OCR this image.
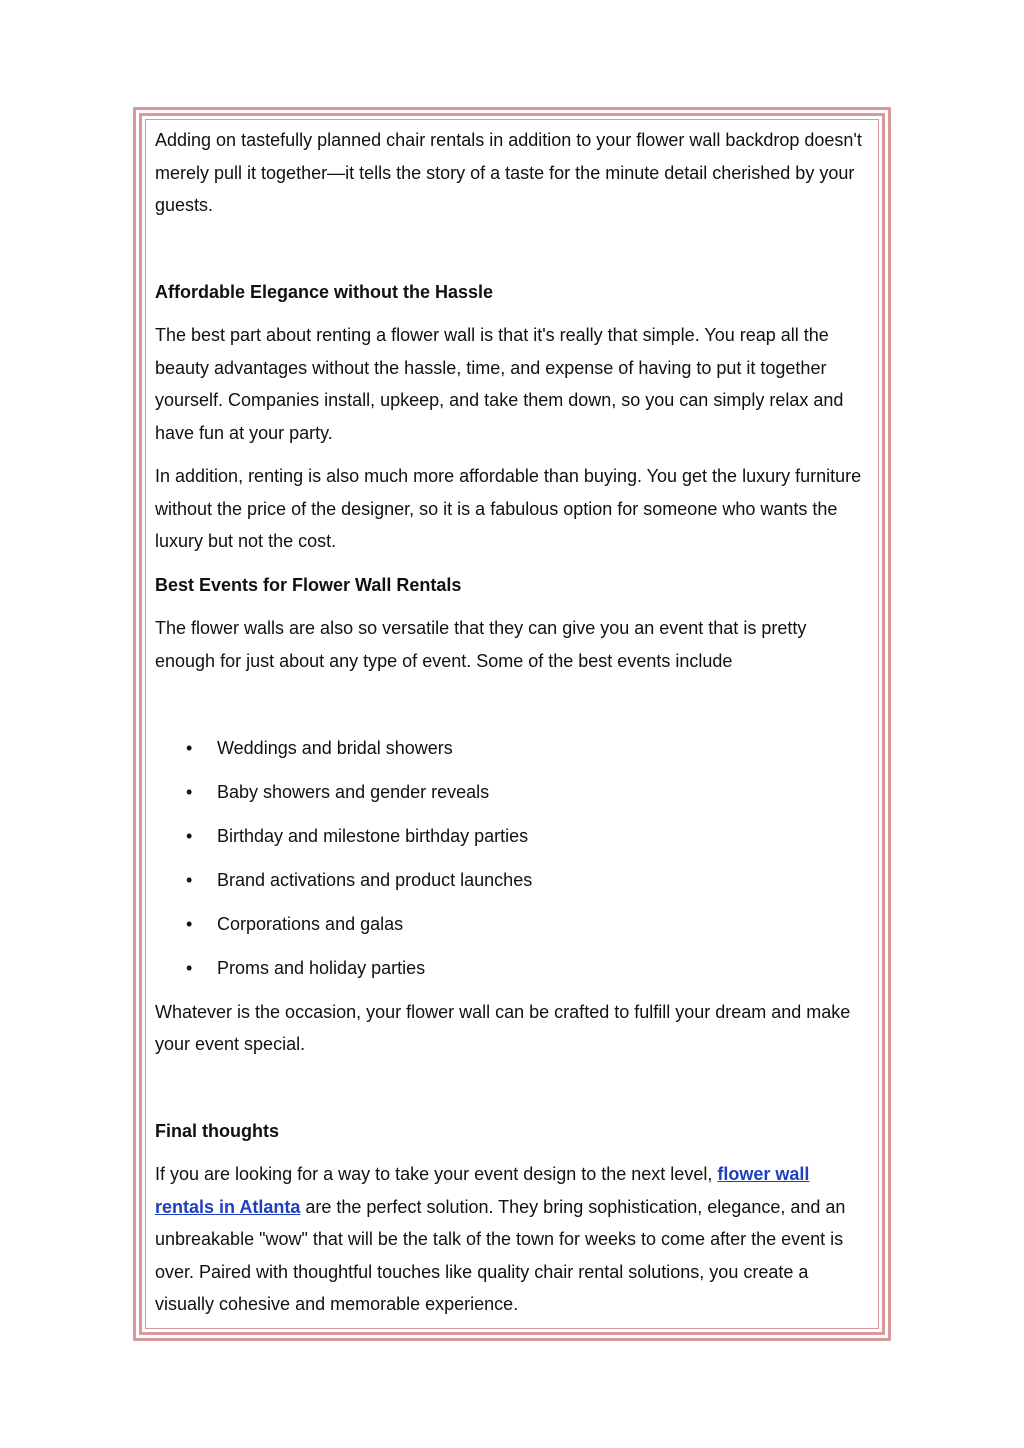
Adding on tastefully planned chair rentals in addition to your flower wall backdrop doesn't merely pull it together—it tells the story of a taste for the minute detail cherished by your guests.

Affordable Elegance without the Hassle

The best part about renting a flower wall is that it's really that simple. You reap all the beauty advantages without the hassle, time, and expense of having to put it together yourself. Companies install, upkeep, and take them down, so you can simply relax and have fun at your party.

In addition, renting is also much more affordable than buying. You get the luxury furniture without the price of the designer, so it is a fabulous option for someone who wants the luxury but not the cost.

Best Events for Flower Wall Rentals

The flower walls are also so versatile that they can give you an event that is pretty enough for just about any type of event. Some of the best events include

• Weddings and bridal showers
• Baby showers and gender reveals
• Birthday and milestone birthday parties
• Brand activations and product launches
• Corporations and galas
• Proms and holiday parties

Whatever is the occasion, your flower wall can be crafted to fulfill your dream and make your event special.

Final thoughts

If you are looking for a way to take your event design to the next level, flower wall rentals in Atlanta are the perfect solution. They bring sophistication, elegance, and an unbreakable "wow" that will be the talk of the town for weeks to come after the event is over. Paired with thoughtful touches like quality chair rental solutions, you create a visually cohesive and memorable experience.
